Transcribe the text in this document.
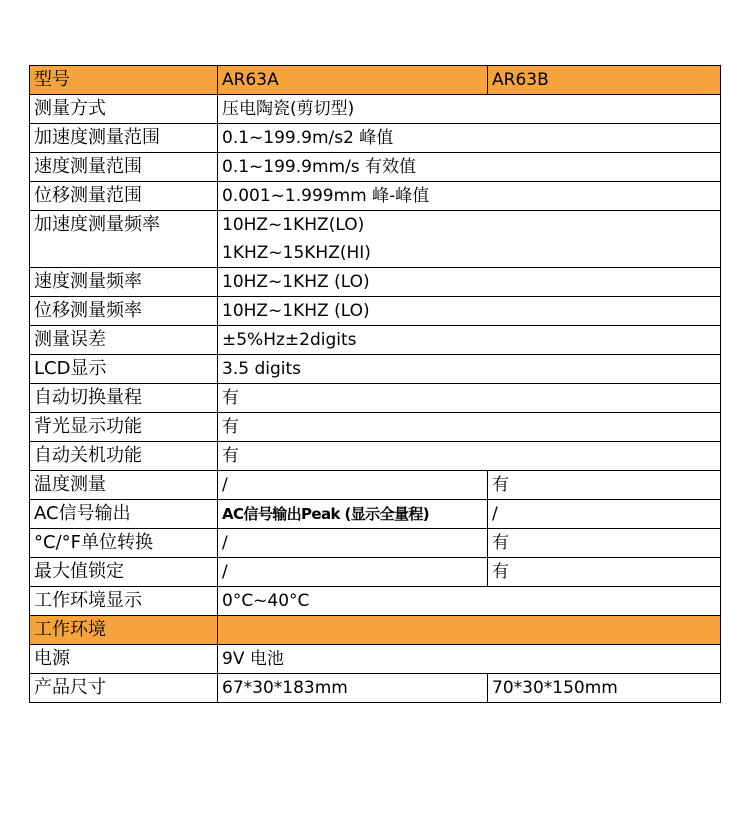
型号	AR63A	AR63B
测量方式	压电陶瓷(剪切型)	
加速度测量范围	0.1~199.9m/s2 峰值	
速度测量范围	0.1~199.9mm/s 有效值	
位移测量范围	0.001~1.999mm 峰-峰值	
加速度测量频率	10HZ~1KHZ(LO)
1KHZ~15KHZ(HI)	

速度测量频率	10HZ~1KHZ (LO)	
位移测量频率	10HZ~1KHZ (LO)	
测量误差	±5%Hz±2digits	
LCD显示	3.5 digits	
自动切换量程	有	
背光显示功能	有	
自动关机功能	有	
温度测量	/	有
AC信号输出	AC信号输出Peak (显示全量程)	/
°C/°F单位转换	/	有
最大值锁定	/	有
工作环境显示	0°C~40°C	
工作环境		
电源	9V 电池	
产品尺寸	67*30*183mm	70*30*150mm
